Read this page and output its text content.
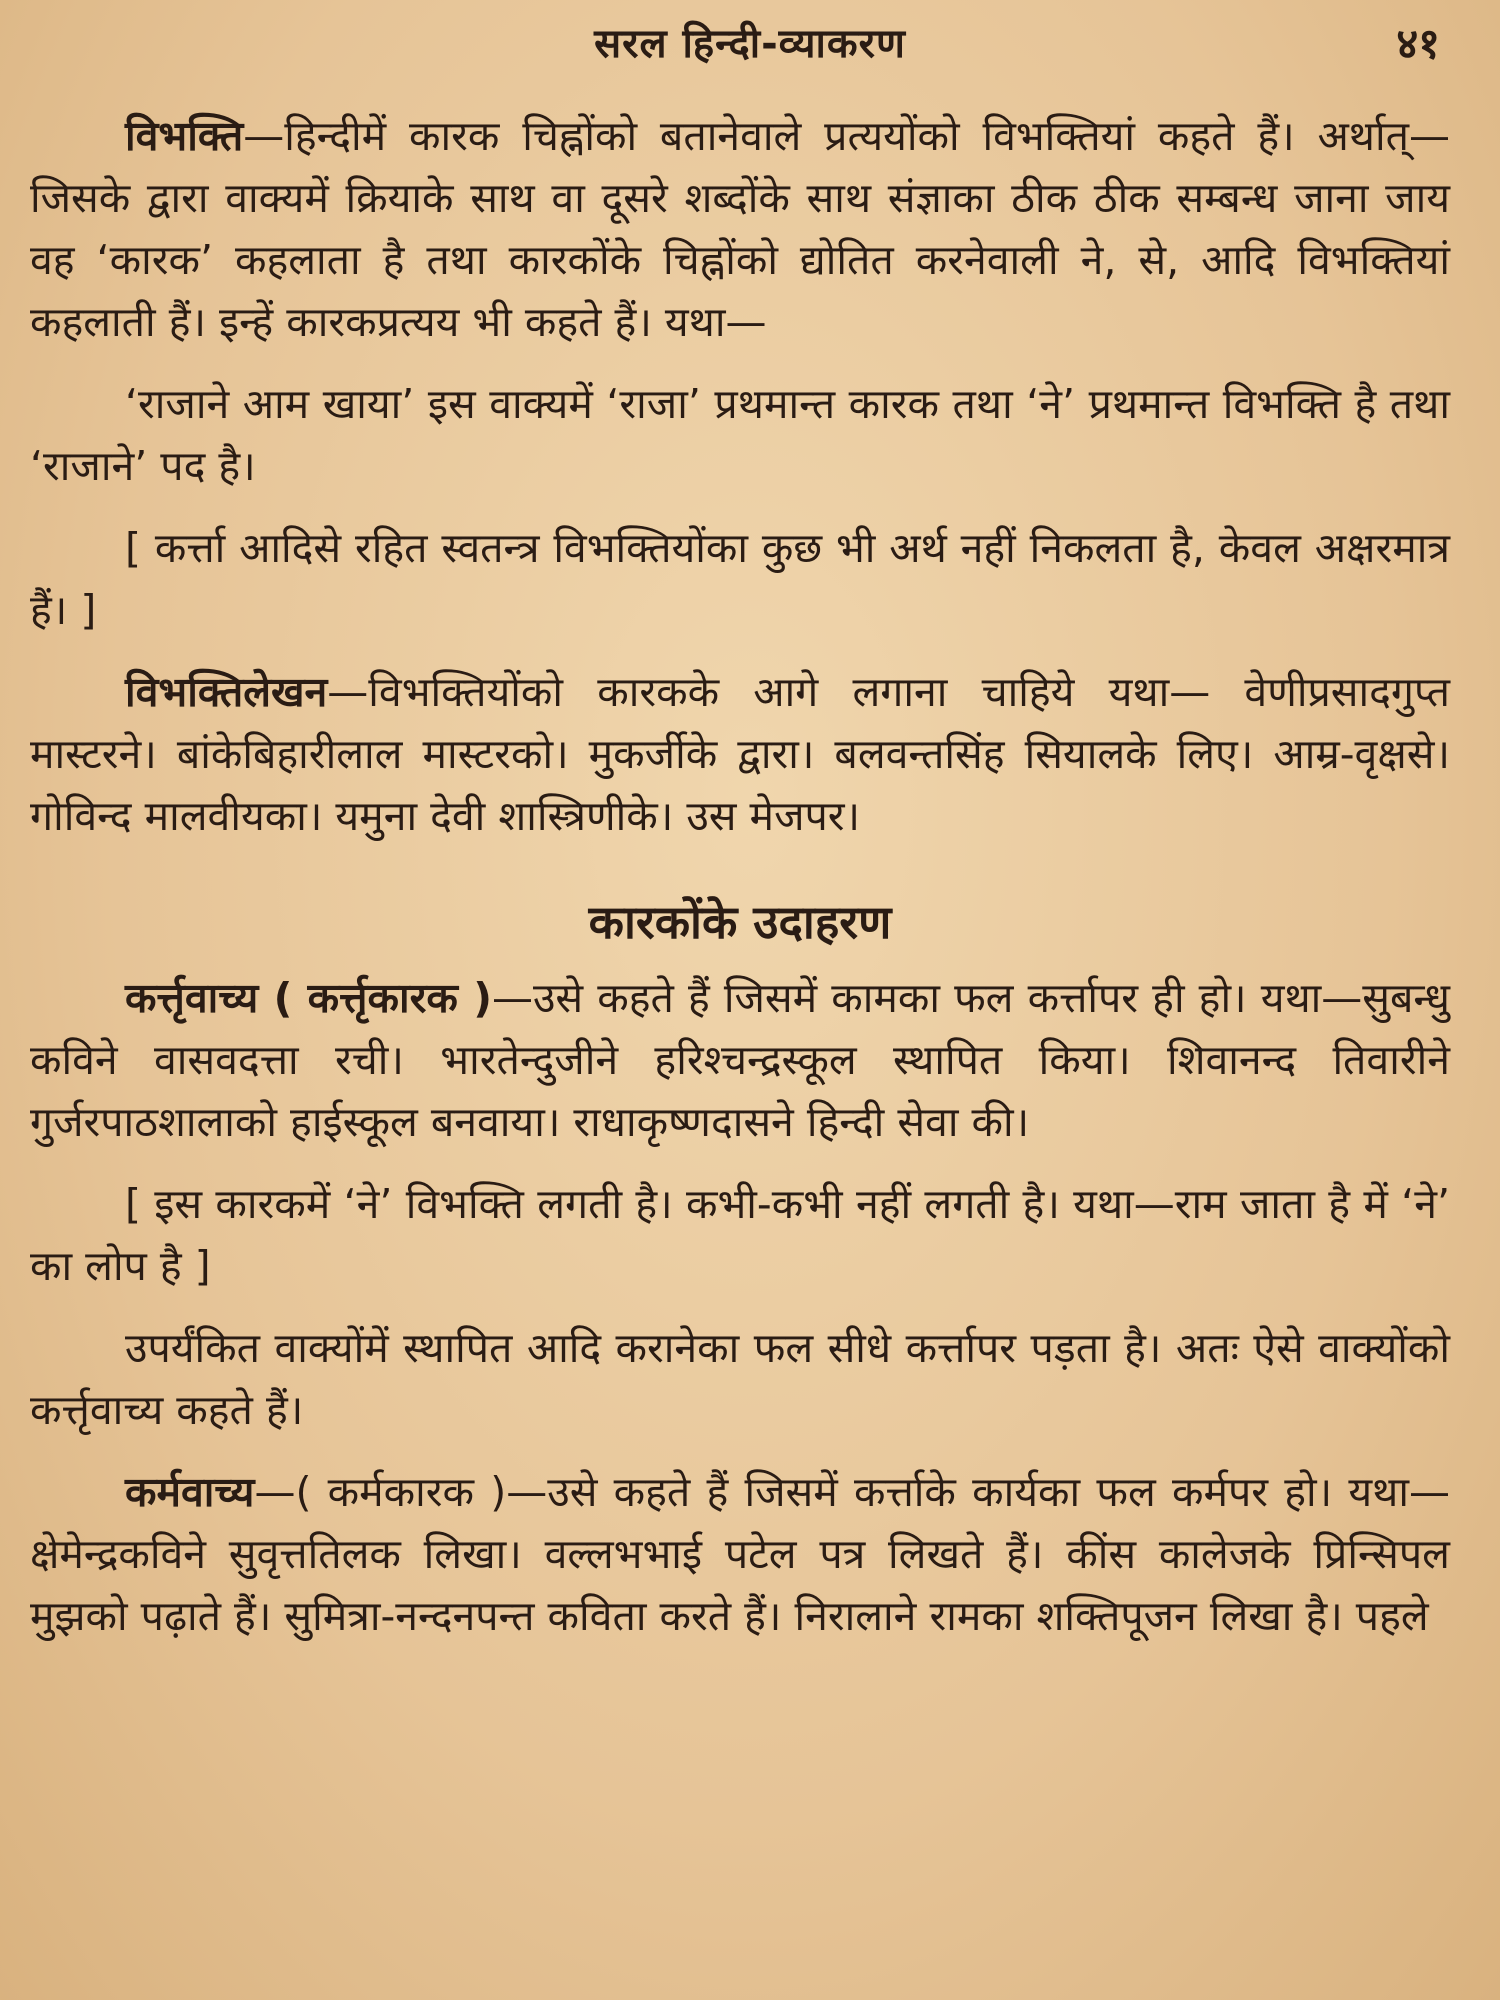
सरल हिन्दी-व्याकरण	४१

विभक्ति—हिन्दीमें कारक चिह्नोंको बतानेवाले प्रत्ययोंको विभक्तियां कहते हैं। अर्थात्—जिसके द्वारा वाक्यमें क्रियाके साथ वा दूसरे शब्दोंके साथ संज्ञाका ठीक ठीक सम्बन्ध जाना जाय वह ‘कारक’ कहलाता है तथा कारकोंके चिह्नोंको द्योतित करनेवाली ने, से, आदि विभक्तियां कहलाती हैं। इन्हें कारकप्रत्यय भी कहते हैं। यथा—

‘राजाने आम खाया’ इस वाक्यमें ‘राजा’ प्रथमान्त कारक तथा ‘ने’ प्रथमान्त विभक्ति है तथा ‘राजाने’ पद है।

[ कर्त्ता आदिसे रहित स्वतन्त्र विभक्तियोंका कुछ भी अर्थ नहीं निकलता है, केवल अक्षरमात्र हैं। ]

विभक्तिलेखन—विभक्तियोंको कारकके आगे लगाना चाहिये यथा— वेणीप्रसादगुप्त मास्टरने। बांकेबिहारीलाल मास्टरको। मुकर्जीके द्वारा। बलवन्तसिंह सियालके लिए। आम्र-वृक्षसे। गोविन्द मालवीयका। यमुना देवी शास्त्रिणीके। उस मेजपर।

कारकोंके उदाहरण

कर्त्तृवाच्य ( कर्त्तृकारक )—उसे कहते हैं जिसमें कामका फल कर्त्तापर ही हो। यथा—सुबन्धु कविने वासवदत्ता रची। भारतेन्दुजीने हरिश्चन्द्रस्कूल स्थापित किया। शिवानन्द तिवारीने गुर्जरपाठशालाको हाईस्कूल बनवाया। राधाकृष्णदासने हिन्दी सेवा की।

[ इस कारकमें ‘ने’ विभक्ति लगती है। कभी-कभी नहीं लगती है। यथा—राम जाता है में ‘ने’ का लोप है ]

उपर्यंकित वाक्योंमें स्थापित आदि करानेका फल सीधे कर्त्तापर पड़ता है। अतः ऐसे वाक्योंको कर्त्तृवाच्य कहते हैं।

कर्मवाच्य—( कर्मकारक )—उसे कहते हैं जिसमें कर्त्ताके कार्यका फल कर्मपर हो। यथा—क्षेमेन्द्रकविने सुवृत्ततिलक लिखा। वल्लभभाई पटेल पत्र लिखते हैं। कींस कालेजके प्रिन्सिपल मुझको पढ़ाते हैं। सुमित्रा-नन्दनपन्त कविता करते हैं। निरालाने रामका शक्तिपूजन लिखा है। पहले
